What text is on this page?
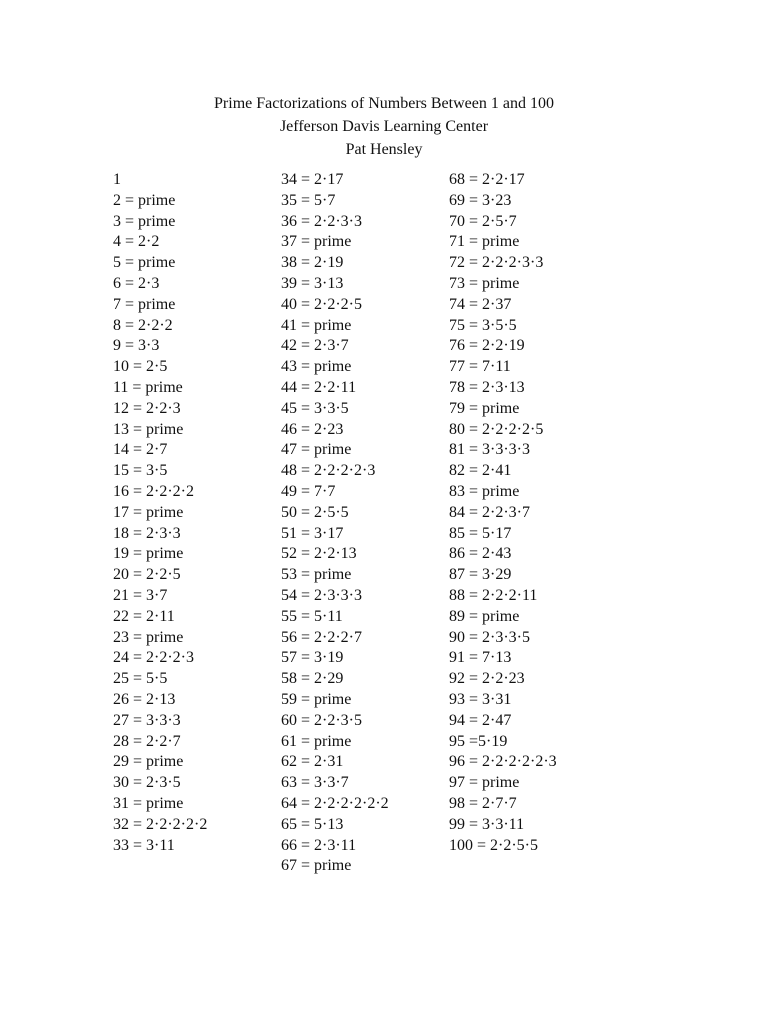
Prime Factorizations of Numbers Between 1 and 100
Jefferson Davis Learning Center
Pat Hensley
1
2 = prime
3 = prime
4 = 2·2
5 = prime
6 = 2·3
7 = prime
8 = 2·2·2
9 = 3·3
10 = 2·5
11 = prime
12 = 2·2·3
13 = prime
14 = 2·7
15 = 3·5
16 = 2·2·2·2
17 = prime
18 = 2·3·3
19 = prime
20 = 2·2·5
21 = 3·7
22 = 2·11
23 = prime
24 = 2·2·2·3
25 = 5·5
26 = 2·13
27 = 3·3·3
28 = 2·2·7
29 = prime
30 = 2·3·5
31 = prime
32 = 2·2·2·2·2
33 = 3·11
34 = 2·17
35 = 5·7
36 = 2·2·3·3
37 = prime
38 = 2·19
39 = 3·13
40 = 2·2·2·5
41 = prime
42 = 2·3·7
43 = prime
44 = 2·2·11
45 = 3·3·5
46 = 2·23
47 = prime
48 = 2·2·2·2·3
49 = 7·7
50 = 2·5·5
51 = 3·17
52 = 2·2·13
53 = prime
54 = 2·3·3·3
55 = 5·11
56 = 2·2·2·7
57 = 3·19
58 = 2·29
59 = prime
60 = 2·2·3·5
61 = prime
62 = 2·31
63 = 3·3·7
64 = 2·2·2·2·2·2
65 = 5·13
66 = 2·3·11
67 = prime
68 = 2·2·17
69 = 3·23
70 = 2·5·7
71 = prime
72 = 2·2·2·3·3
73 = prime
74 = 2·37
75 = 3·5·5
76 = 2·2·19
77 = 7·11
78 = 2·3·13
79 = prime
80 = 2·2·2·2·5
81 = 3·3·3·3
82 = 2·41
83 = prime
84 = 2·2·3·7
85 = 5·17
86 = 2·43
87 = 3·29
88 = 2·2·2·11
89 = prime
90 = 2·3·3·5
91 = 7·13
92 = 2·2·23
93 = 3·31
94 = 2·47
95 =5·19
96 = 2·2·2·2·2·3
97 = prime
98 = 2·7·7
99 = 3·3·11
100 = 2·2·5·5
